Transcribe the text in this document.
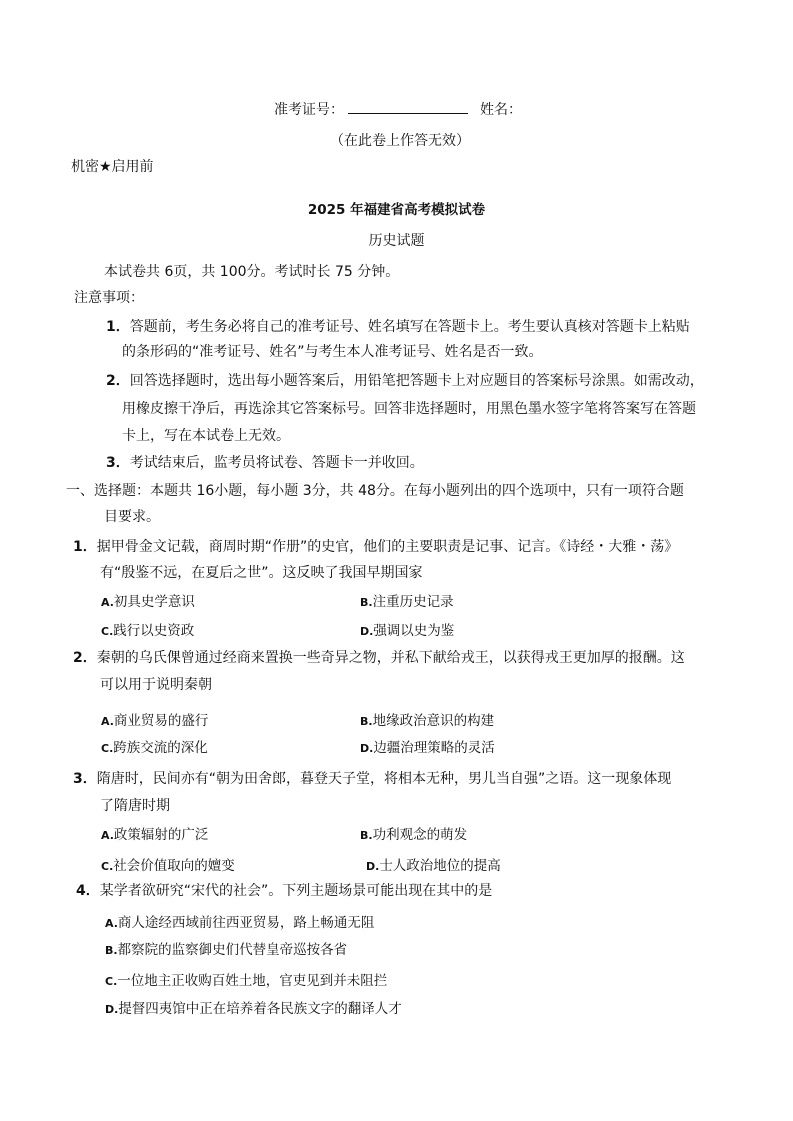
准考证号：	姓名：
（在此卷上作答无效）
机密★启用前
2025 年福建省高考模拟试卷
历史试题
本试卷共 6页，共 100分。考试时长 75 分钟。
注意事项：
1．答题前，考生务必将自己的准考证号、姓名填写在答题卡上。考生要认真核对答题卡上粘贴
的条形码的“准考证号、姓名”与考生本人准考证号、姓名是否一致。
2．回答选择题时，选出每小题答案后，用铅笔把答题卡上对应题目的答案标号涂黑。如需改动，
用橡皮擦干净后，再选涂其它答案标号。回答非选择题时，用黑色墨水签字笔将答案写在答题
卡上，写在本试卷上无效。
3．考试结束后，监考员将试卷、答题卡一并收回。
一、选择题：本题共 16小题，每小题 3分，共 48分。在每小题列出的四个选项中，只有一项符合题
目要求。
1．据甲骨金文记载，商周时期“作册”的史官，他们的主要职责是记事、记言。《诗经・大雅・荡》
有“殷鉴不远，在夏后之世”。这反映了我国早期国家
A.初具史学意识	B.注重历史记录
C.践行以史资政	D.强调以史为鉴
2．秦朝的乌氏倮曾通过经商来置换一些奇异之物，并私下献给戎王，以获得戎王更加厚的报酬。这
可以用于说明秦朝
A.商业贸易的盛行	B.地缘政治意识的构建
C.跨族交流的深化	D.边疆治理策略的灵活
3．隋唐时，民间亦有“朝为田舍郎，暮登天子堂，将相本无种，男儿当自强”之语。这一现象体现
了隋唐时期
A.政策辐射的广泛	B.功利观念的萌发
C.社会价值取向的嬗变	D.士人政治地位的提高
4．某学者欲研究“宋代的社会”。下列主题场景可能出现在其中的是
A.商人途经西域前往西亚贸易，路上畅通无阻
B.都察院的监察御史们代替皇帝巡按各省
C.一位地主正收购百姓土地，官吏见到并未阻拦
D.提督四夷馆中正在培养着各民族文字的翻译人才
